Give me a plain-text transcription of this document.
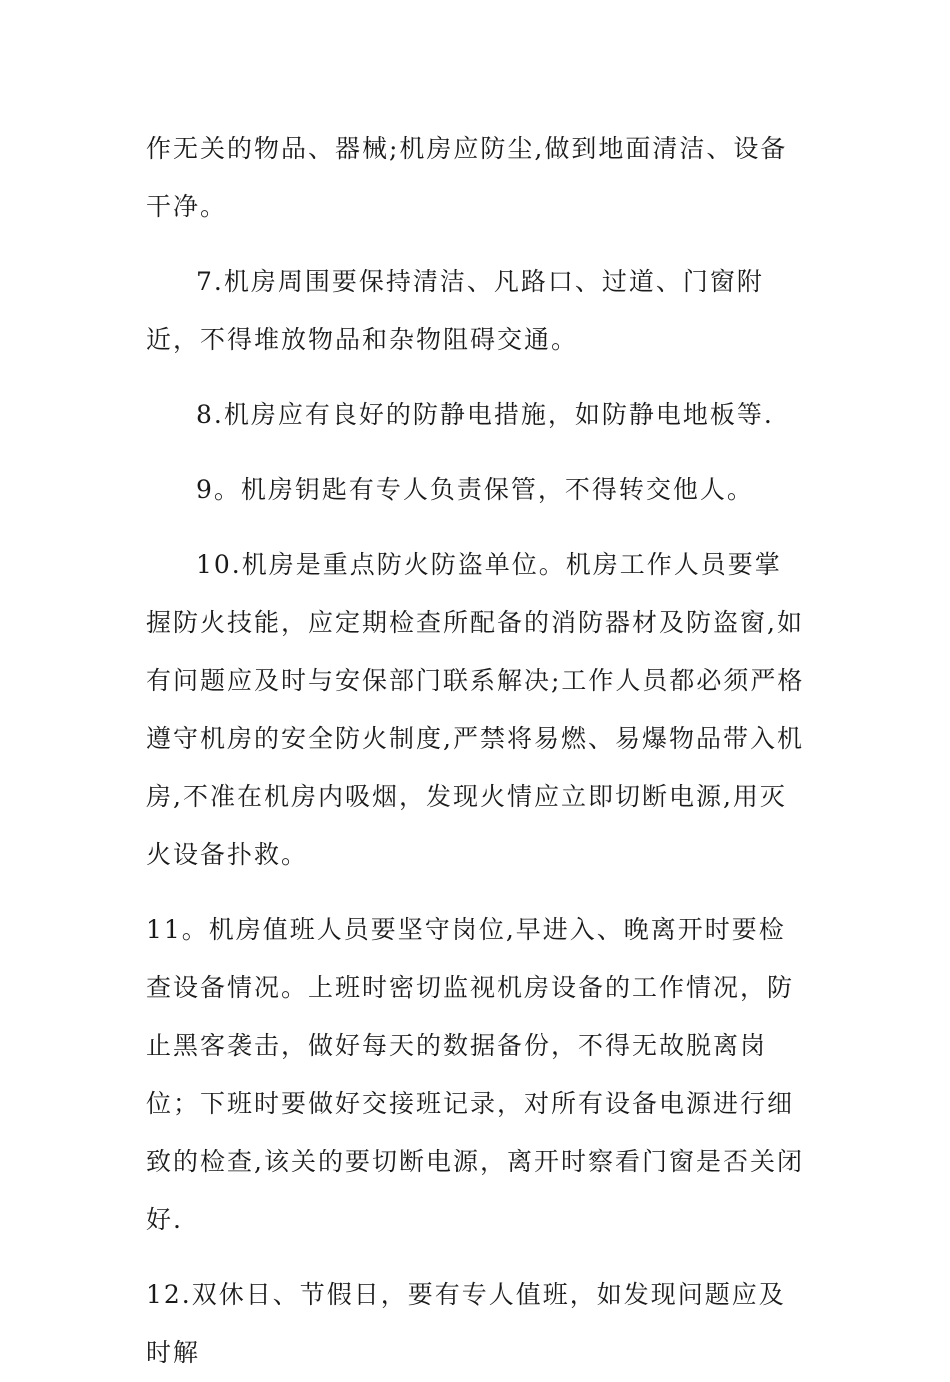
作无关的物品、器械;机房应防尘,做到地面清洁、设备干净。

7.机房周围要保持清洁、凡路口、过道、门窗附近，不得堆放物品和杂物阻碍交通。

8.机房应有良好的防静电措施，如防静电地板等.

9。机房钥匙有专人负责保管，不得转交他人。

10.机房是重点防火防盗单位。机房工作人员要掌握防火技能，应定期检查所配备的消防器材及防盗窗,如有问题应及时与安保部门联系解决;工作人员都必须严格遵守机房的安全防火制度,严禁将易燃、易爆物品带入机房,不准在机房内吸烟，发现火情应立即切断电源,用灭火设备扑救。

11。机房值班人员要坚守岗位,早进入、晚离开时要检查设备情况。上班时密切监视机房设备的工作情况，防止黑客袭击，做好每天的数据备份，不得无故脱离岗位；下班时要做好交接班记录，对所有设备电源进行细致的检查,该关的要切断电源，离开时察看门窗是否关闭好.

12.双休日、节假日，要有专人值班，如发现问题应及时解
